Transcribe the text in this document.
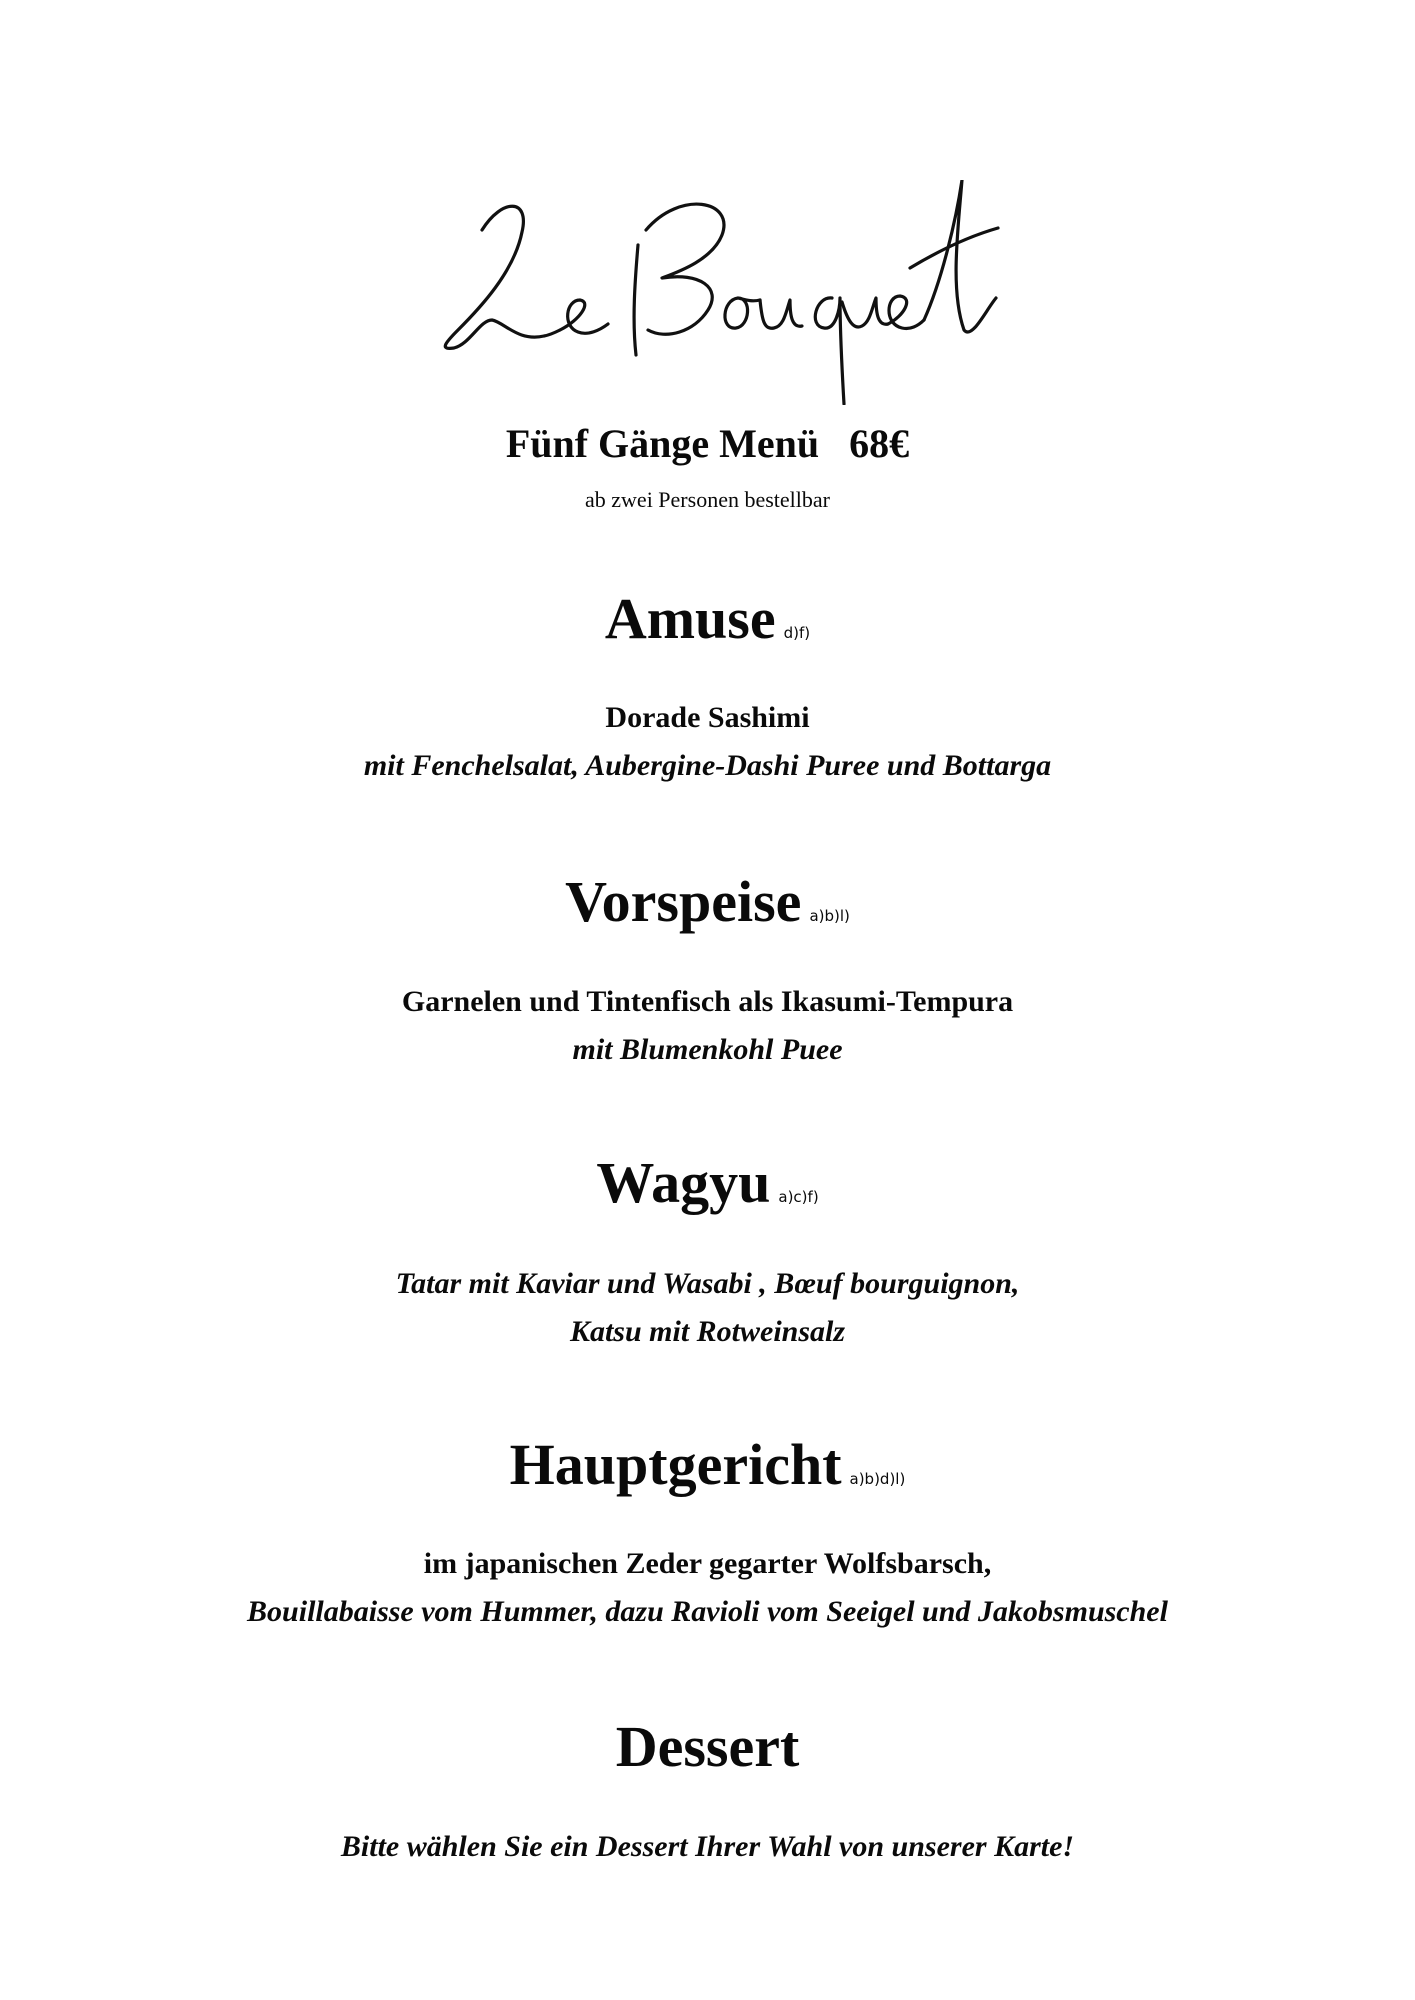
Fünf Gänge Menü 68€
ab zwei Personen bestellbar
Amuse d)f)
Dorade Sashimi
mit Fenchelsalat, Aubergine-Dashi Puree und Bottarga
Vorspeise a)b)l)
Garnelen und Tintenfisch als Ikasumi-Tempura
mit Blumenkohl Puee
Wagyu a)c)f)
Tatar mit Kaviar und Wasabi , Bœuf bourguignon,
Katsu mit Rotweinsalz
Hauptgericht a)b)d)l)
im japanischen Zeder gegarter Wolfsbarsch,
Bouillabaisse vom Hummer, dazu Ravioli vom Seeigel und Jakobsmuschel
Dessert
Bitte wählen Sie ein Dessert Ihrer Wahl von unserer Karte!
